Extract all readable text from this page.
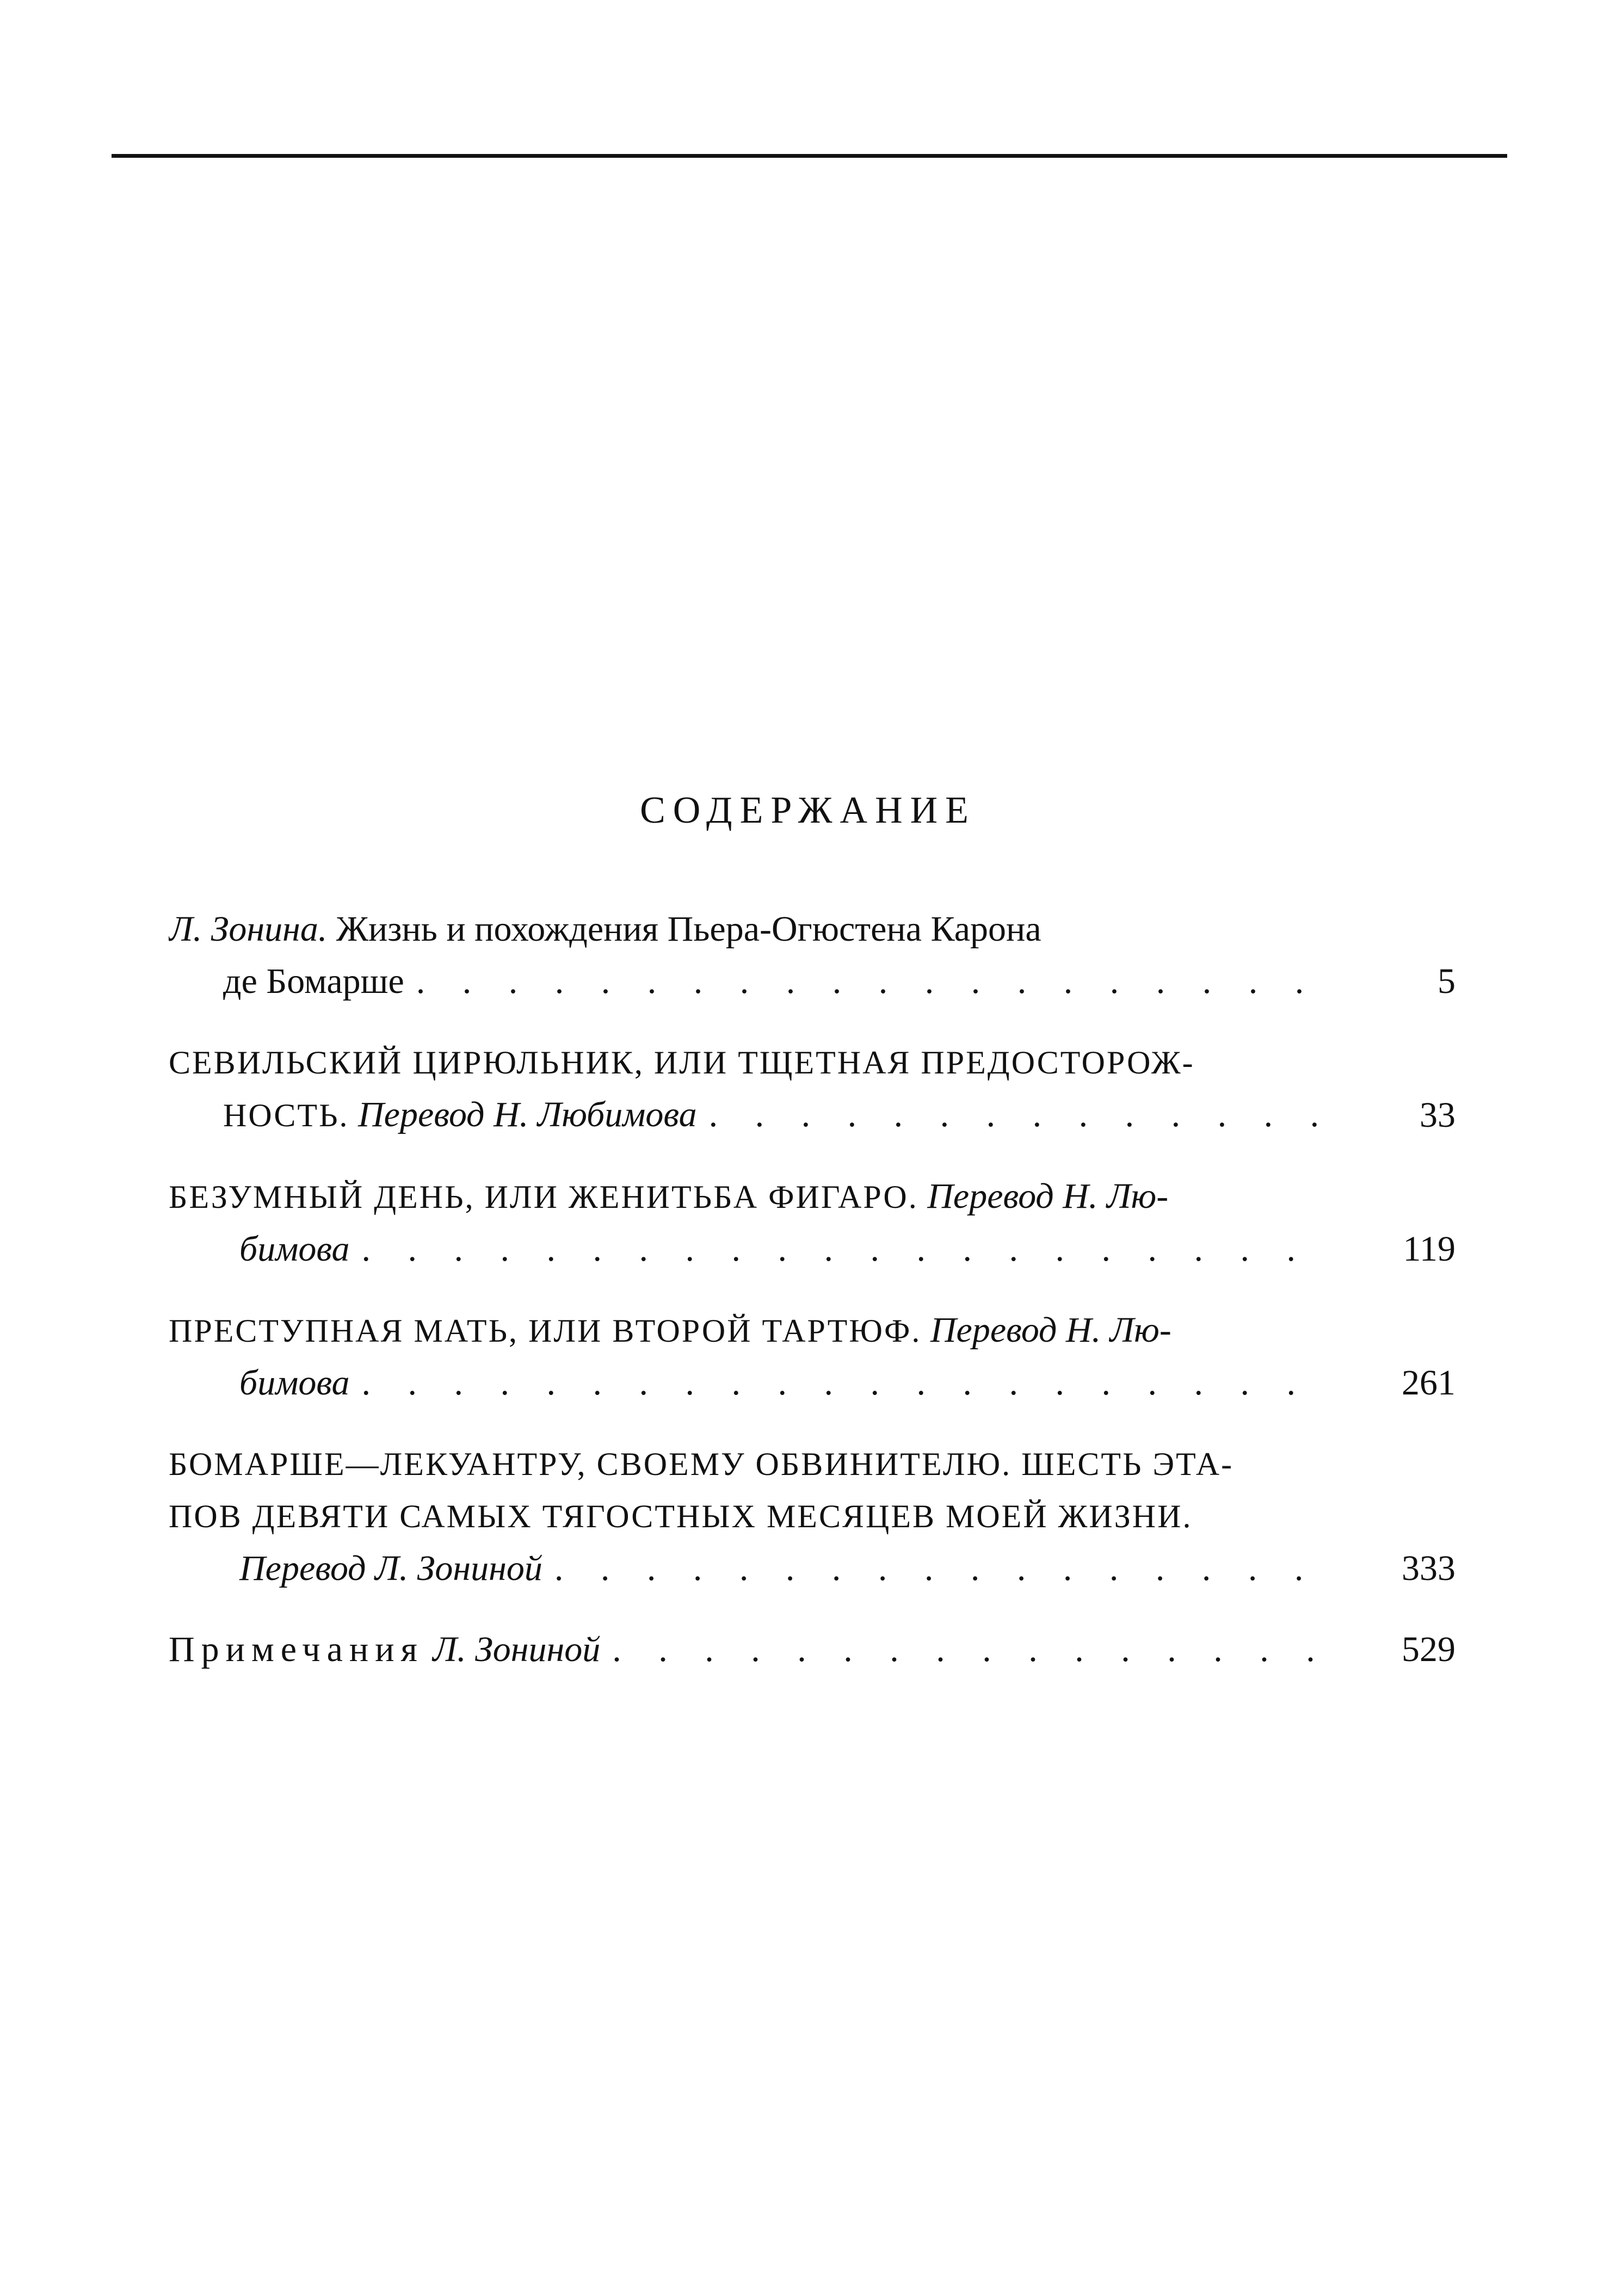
СОДЕРЖАНИЕ
Л. Зонина. Жизнь и похождения Пьера-Огюстена Карона
де Бомарше . . .	5
СЕВИЛЬСКИЙ ЦИРЮЛЬНИК, ИЛИ ТЩЕТНАЯ ПРЕДОСТОРОЖ-
НОСТЬ. Перевод Н. Любимова . . .	33
БЕЗУМНЫЙ ДЕНЬ, ИЛИ ЖЕНИТЬБА ФИГАРО. Перевод Н. Лю-
бимова . . .	119
ПРЕСТУПНАЯ МАТЬ, ИЛИ ВТОРОЙ ТАРТЮФ. Перевод Н. Лю-
бимова . . .	261
БОМАРШЕ—ЛЕКУАНТРУ, СВОЕМУ ОБВИНИТЕЛЮ. ШЕСТЬ ЭТА-
ПОВ ДЕВЯТИ САМЫХ ТЯГОСТНЫХ МЕСЯЦЕВ МОЕЙ ЖИЗНИ.
Перевод Л. Зониной . . .	333
Примечания Л. Зониной . . .	529
